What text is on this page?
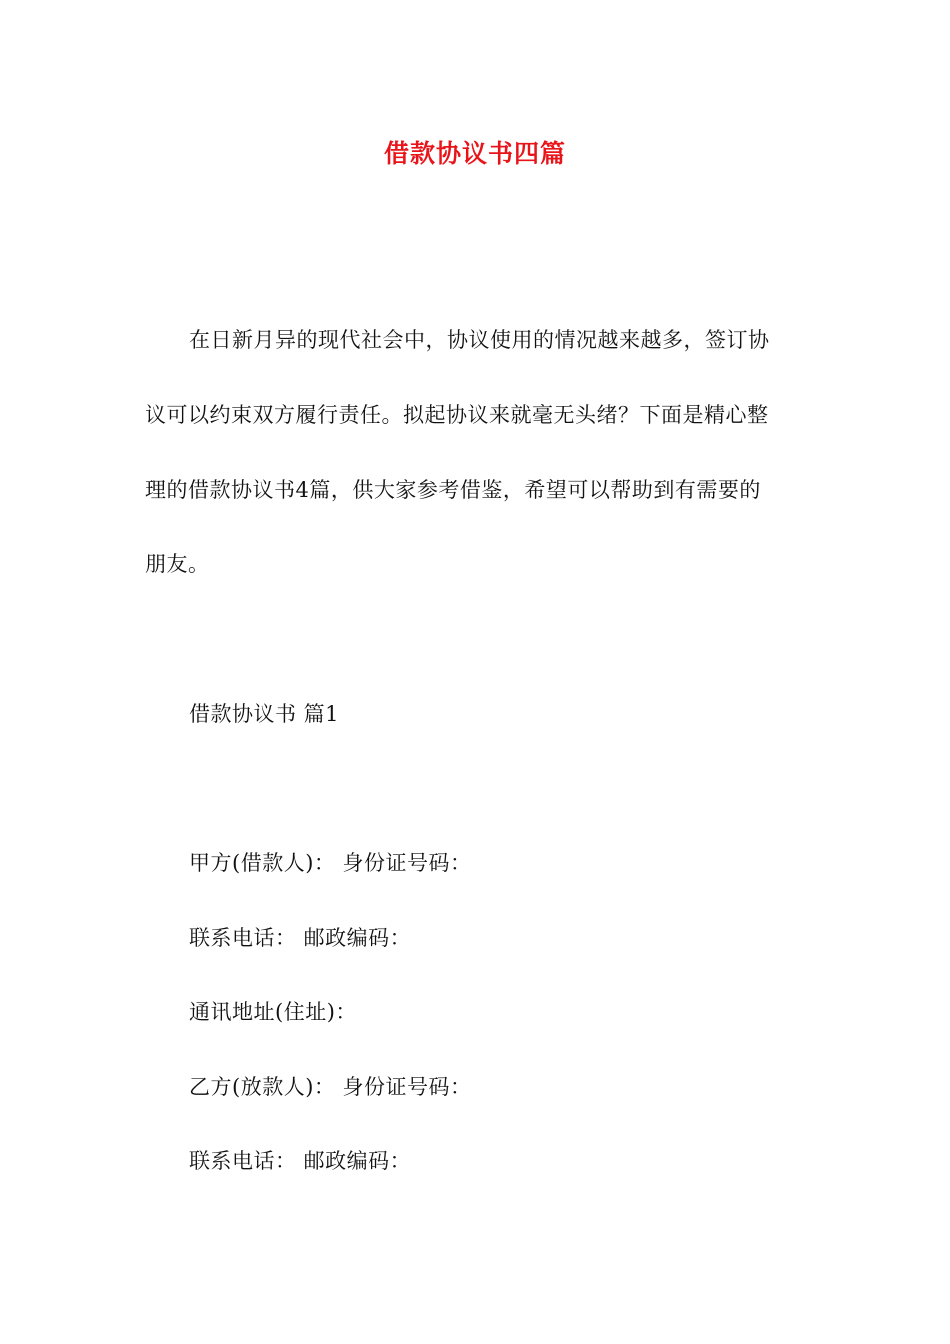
借款协议书四篇
在日新月异的现代社会中，协议使用的情况越来越多，签订协
议可以约束双方履行责任。拟起协议来就毫无头绪？下面是精心整
理的借款协议书4篇，供大家参考借鉴，希望可以帮助到有需要的
朋友。
借款协议书 篇1
甲方(借款人)： 身份证号码：
联系电话： 邮政编码：
通讯地址(住址)：
乙方(放款人)： 身份证号码：
联系电话： 邮政编码：
